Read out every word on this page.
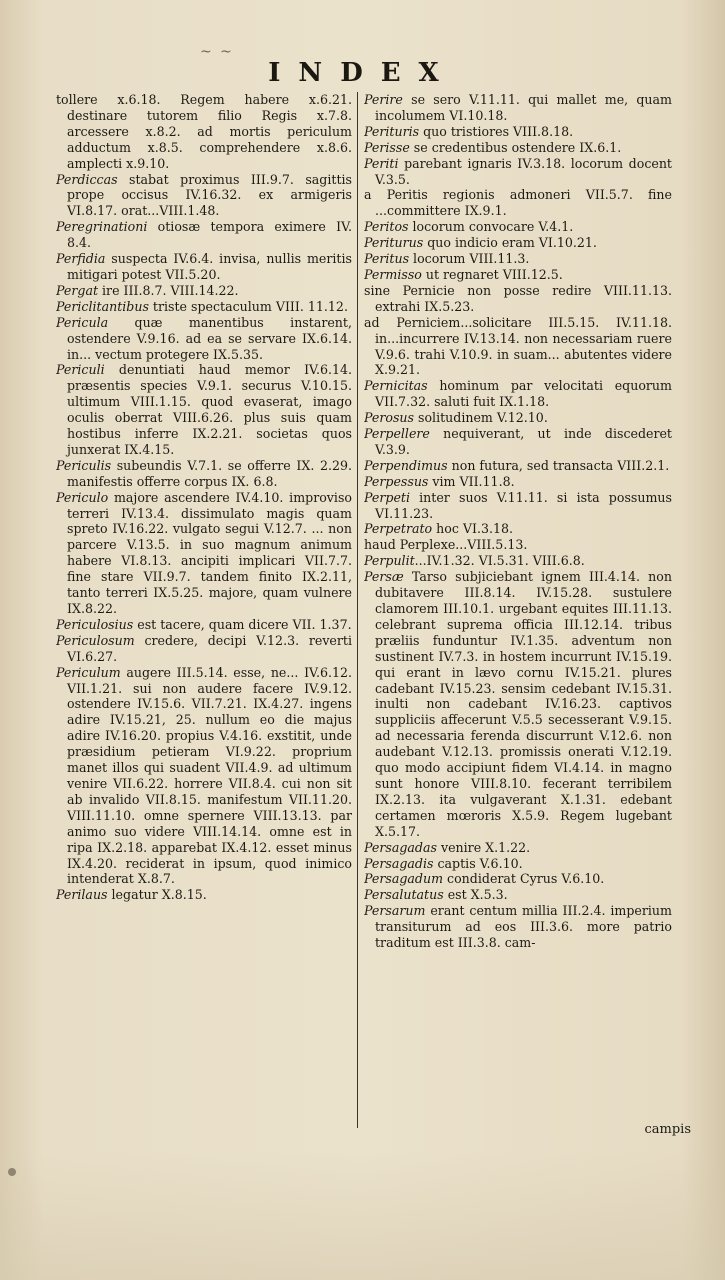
~ ~
INDEX

tollere x.6.18. Regem habere x.6.21. destinare tutorem filio Regis x.7.8. arcessere x.8.2. ad mortis periculum adductum x.8.5. comprehendere x.8.6. amplecti x.9.10.

Perdiccas stabat proximus III.9.7. sagittis prope occisus IV.16.32. ex armigeris VI.8.17. orat...VIII.1.48.

Peregrinationi otiosæ tempora eximere IV. 8.4.

Perfidia suspecta IV.6.4. invisa, nullis meritis mitigari potest VII.5.20.

Pergat ire III.8.7. VIII.14.22.

Periclitantibus triste spectaculum VIII. 11.12.

Pericula quæ manentibus instarent, ostendere V.9.16. ad ea se servare IX.6.14. in... vectum protegere IX.5.35.

Periculi denuntiati haud memor IV.6.14. præsentis species V.9.1. securus V.10.15. ultimum VIII.1.15. quod evaserat, imago oculis oberrat VIII.6.26. plus suis quam hostibus inferre IX.2.21. societas quos junxerat IX.4.15.

Periculis subeundis V.7.1. se offerre IX. 2.29. manifestis offerre corpus IX. 6.8.

Periculo majore ascendere IV.4.10. improviso terreri IV.13.4. dissimulato magis quam spreto IV.16.22. vulgato segui V.12.7. ... non parcere V.13.5. in suo magnum animum habere VI.8.13. ancipiti implicari VII.7.7. fine stare VII.9.7. tandem finito IX.2.11, tanto terreri IX.5.25. majore, quam vulnere IX.8.22.

Periculosius est tacere, quam dicere VII. 1.37.

Periculosum credere, decipi V.12.3. reverti VI.6.27.

Periculum augere III.5.14. esse, ne... IV.6.12. VII.1.21. sui non audere facere IV.9.12. ostendere IV.15.6. VII.7.21. IX.4.27. ingens adire IV.15.21, 25. nullum eo die majus adire IV.16.20. propius V.4.16. exstitit, unde præsidium petieram VI.9.22. proprium manet illos qui suadent VII.4.9. ad ultimum venire VII.6.22. horrere VII.8.4. cui non sit ab invalido VII.8.15. manifestum VII.11.20. VIII.11.10. omne spernere VIII.13.13. par animo suo videre VIII.14.14. omne est in ripa IX.2.18. apparebat IX.4.12. esset minus IX.4.20. reciderat in ipsum, quod inimico intenderat X.8.7.

Perilaus legatur X.8.15.

Perire se sero V.11.11. qui mallet me, quam incolumem VI.10.18.

Perituris quo tristiores VIII.8.18.

Perisse se credentibus ostendere IX.6.1.

Periti parebant ignaris IV.3.18. locorum docent V.3.5.

a Peritis regionis admoneri VII.5.7. fine ...committere IX.9.1.

Peritos locorum convocare V.4.1.

Periturus quo indicio eram VI.10.21.

Peritus locorum VIII.11.3.

Permisso ut regnaret VIII.12.5.

sine Pernicie non posse redire VIII.11.13. extrahi IX.5.23.

ad Perniciem...solicitare III.5.15. IV.11.18. in...incurrere IV.13.14. non necessariam ruere V.9.6. trahi V.10.9. in suam... abutentes videre X.9.21.

Pernicitas hominum par velocitati equorum VII.7.32. saluti fuit IX.1.18.

Perosus solitudinem V.12.10.

Perpellere nequiverant, ut inde discederet V.3.9.

Perpendimus non futura, sed transacta VIII.2.1.

Perpessus vim VII.11.8.

Perpeti inter suos V.11.11. si ista possumus VI.11.23.

Perpetrato hoc VI.3.18.

haud Perplexe...VIII.5.13.

Perpulit...IV.1.32. VI.5.31. VIII.6.8.

Persæ Tarso subjiciebant ignem III.4.14. non dubitavere III.8.14. IV.15.28. sustulere clamorem III.10.1. urgebant equites III.11.13. celebrant suprema officia III.12.14. tribus præliis funduntur IV.1.35. adventum non sustinent IV.7.3. in hostem incurrunt IV.15.19. qui erant in lævo cornu IV.15.21. plures cadebant IV.15.23. sensim cedebant IV.15.31. inulti non cadebant IV.16.23. captivos suppliciis affecerunt V.5.5 secesserant V.9.15. ad necessaria ferenda discurrunt V.12.6. non audebant V.12.13. promissis onerati V.12.19. quo modo accipiunt fidem VI.4.14. in magno sunt honore VIII.8.10. fecerant terribilem IX.2.13. ita vulgaverant X.1.31. edebant certamen mœroris X.5.9. Regem lugebant X.5.17.

Persagadas venire X.1.22.

Persagadis captis V.6.10.

Persagadum condiderat Cyrus V.6.10.

Persalutatus est X.5.3.

Persarum erant centum millia III.2.4. imperium transiturum ad eos III.3.6. more patrio traditum est III.3.8. cam-

campis
